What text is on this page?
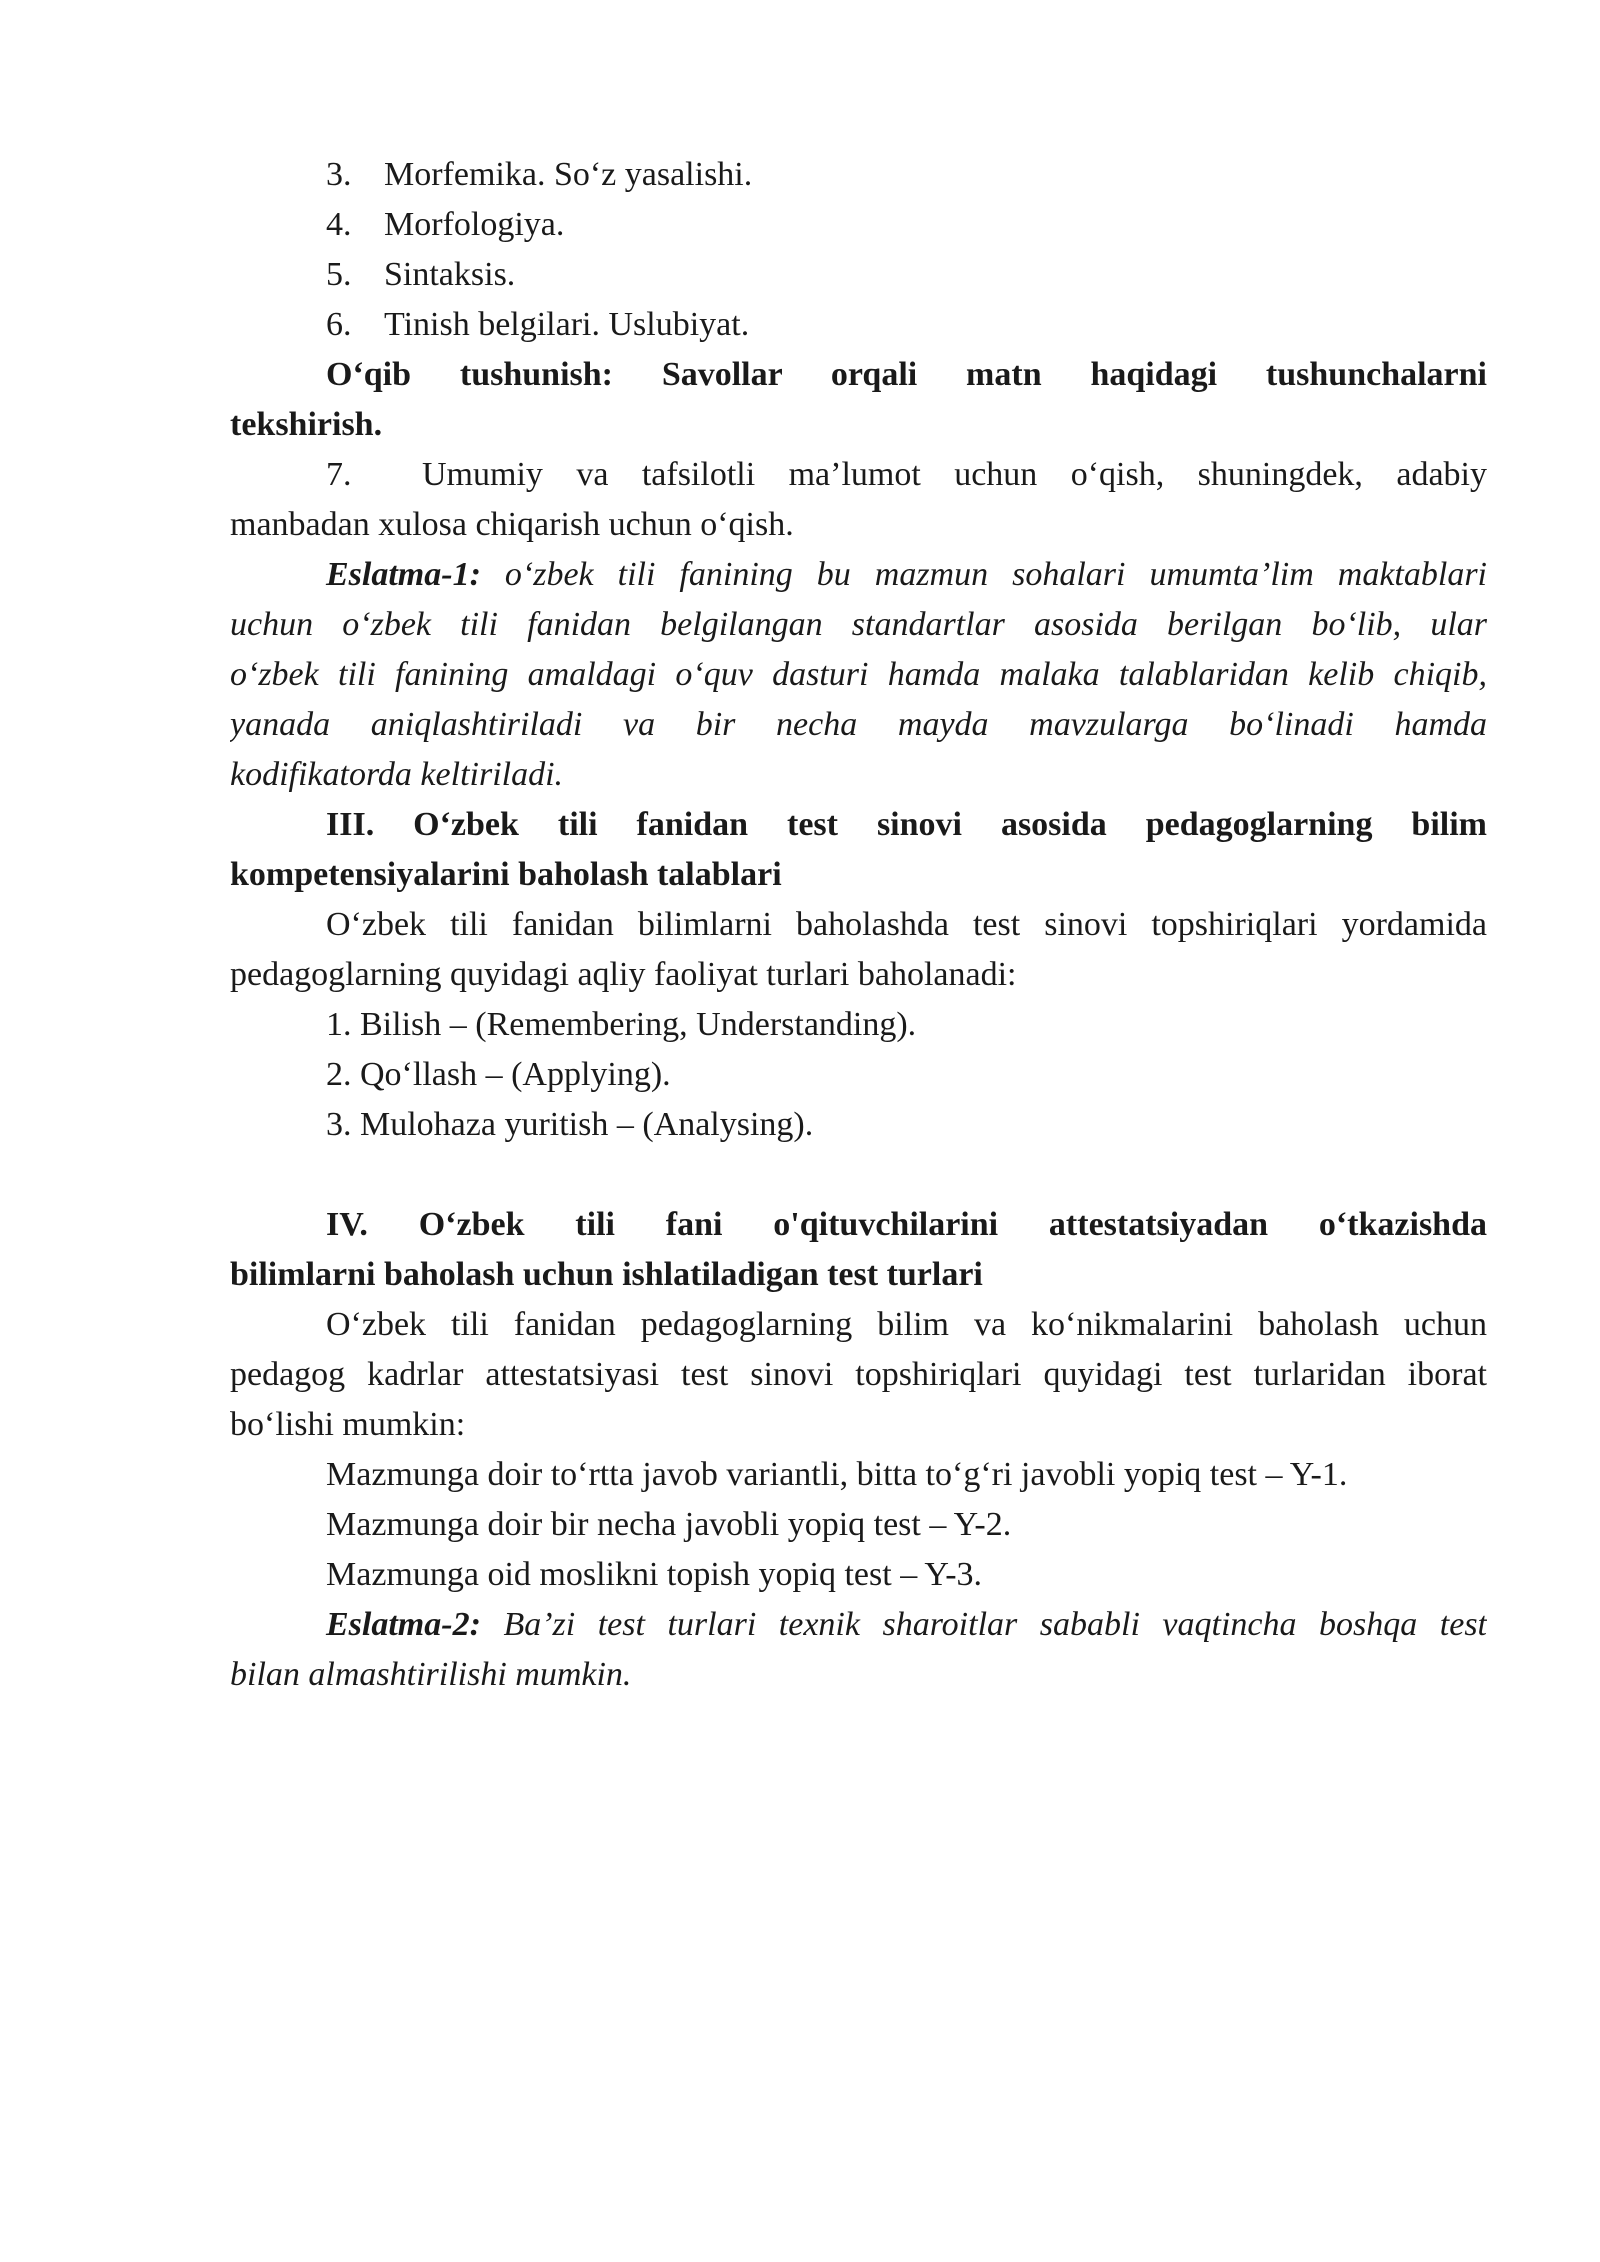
3. Morfemika. So‘z yasalishi.
4. Morfologiya.
5. Sintaksis.
6. Tinish belgilari. Uslubiyat.
O‘qib tushunish: Savollar orqali matn haqidagi tushunchalarni
tekshirish.
7. Umumiy va tafsilotli ma’lumot uchun o‘qish, shuningdek, adabiy
manbadan xulosa chiqarish uchun o‘qish.
Eslatma-1: o‘zbek tili fanining bu mazmun sohalari umumta’lim maktablari
uchun o‘zbek tili fanidan belgilangan standartlar asosida berilgan bo‘lib, ular
o‘zbek tili fanining amaldagi o‘quv dasturi hamda malaka talablaridan kelib chiqib,
yanada aniqlashtiriladi va bir necha mayda mavzularga bo‘linadi hamda
kodifikatorda keltiriladi.
III. O‘zbek tili fanidan test sinovi asosida pedagoglarning bilim
kompetensiyalarini baholash talablari
O‘zbek tili fanidan bilimlarni baholashda test sinovi topshiriqlari yordamida
pedagoglarning quyidagi aqliy faoliyat turlari baholanadi:
1. Bilish – (Remembering, Understanding).
2. Qo‘llash – (Applying).
3. Mulohaza yuritish – (Analysing).
IV. O‘zbek tili fani o'qituvchilarini attestatsiyadan o‘tkazishda
bilimlarni baholash uchun ishlatiladigan test turlari
O‘zbek tili fanidan pedagoglarning bilim va ko‘nikmalarini baholash uchun
pedagog kadrlar attestatsiyasi test sinovi topshiriqlari quyidagi test turlaridan iborat
bo‘lishi mumkin:
Mazmunga doir to‘rtta javob variantli, bitta to‘g‘ri javobli yopiq test – Y-1.
Mazmunga doir bir necha javobli yopiq test – Y-2.
Mazmunga oid moslikni topish yopiq test – Y-3.
Eslatma-2: Ba’zi test turlari texnik sharoitlar sababli vaqtincha boshqa test
bilan almashtirilishi mumkin.
